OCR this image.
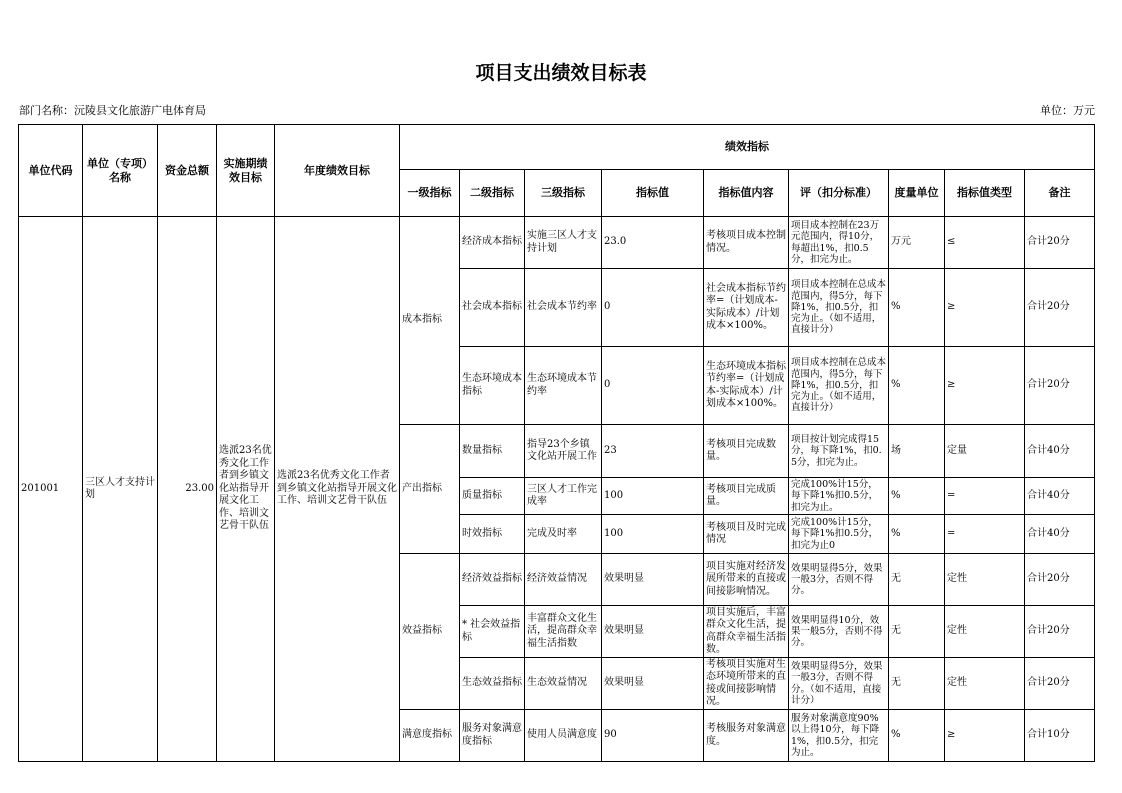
项目支出绩效目标表
部门名称：沅陵县文化旅游广电体育局	单位：万元
单位代码	单位（专项）名称	资金总额	实施期绩效目标	年度绩效目标	绩效指标								
					一级指标	二级指标	三级指标	指标值	指标值内容	评（扣分标准）	度量单位	指标值类型	备注
201001	三区人才支持计划	23.00	选派23名优秀文化工作者到乡镇文化站指导开展文化工作、培训文艺骨干队伍	选派23名优秀文化工作者到乡镇文化站指导开展文化工作、培训文艺骨干队伍	成本指标	经济成本指标	实施三区人才支持计划	23.0	考核项目成本控制情况。	项目成本控制在23万元范围内，得10分，每超出1%，扣0.5分，扣完为止。	万元	≤	合计20分
						社会成本指标	社会成本节约率	0	社会成本指标节约率=（计划成本-实际成本）/计划成本×100%。	项目成本控制在总成本范围内，得5分，每下降1%，扣0.5分，扣完为止。（如不适用，直接计分）	%	≥	合计20分
						生态环境成本指标	生态环境成本节约率	0	生态环境成本指标节约率=（计划成本-实际成本）/计划成本×100%。	项目成本控制在总成本范围内，得5分，每下降1%，扣0.5分，扣完为止。（如不适用，直接计分）	%	≥	合计20分
					产出指标	数量指标	指导23个乡镇文化站开展工作	23	考核项目完成数量。	项目按计划完成得15分，每下降1%，扣0.5分，扣完为止。	场	定量	合计40分
						质量指标	三区人才工作完成率	100	考核项目完成质量。	完成100%计15分，每下降1%扣0.5分，扣完为止。	%	=	合计40分
						时效指标	完成及时率	100	考核项目及时完成情况	完成100%计15分，每下降1%扣0.5分，扣完为止0	%	=	合计40分
					效益指标	经济效益指标	经济效益情况	效果明显	项目实施对经济发展所带来的直接或间接影响情况。	效果明显得5分，效果一般3分，否则不得分。	无	定性	合计20分
						* 社会效益指标	丰富群众文化生活，提高群众幸福生活指数	效果明显	项目实施后，丰富群众文化生活，提高群众幸福生活指数。	效果明显得10分，效果一般5分，否则不得分。	无	定性	合计20分
						生态效益指标	生态效益情况	效果明显	考核项目实施对生态环境所带来的直接或间接影响情况。	效果明显得5分，效果一般3分，否则不得分。（如不适用，直接计分）	无	定性	合计20分
					满意度指标	服务对象满意度指标	使用人员满意度	90	考核服务对象满意度。	服务对象满意度90%以上得10分，每下降1%，扣0.5分，扣完为止。	%	≥	合计10分
